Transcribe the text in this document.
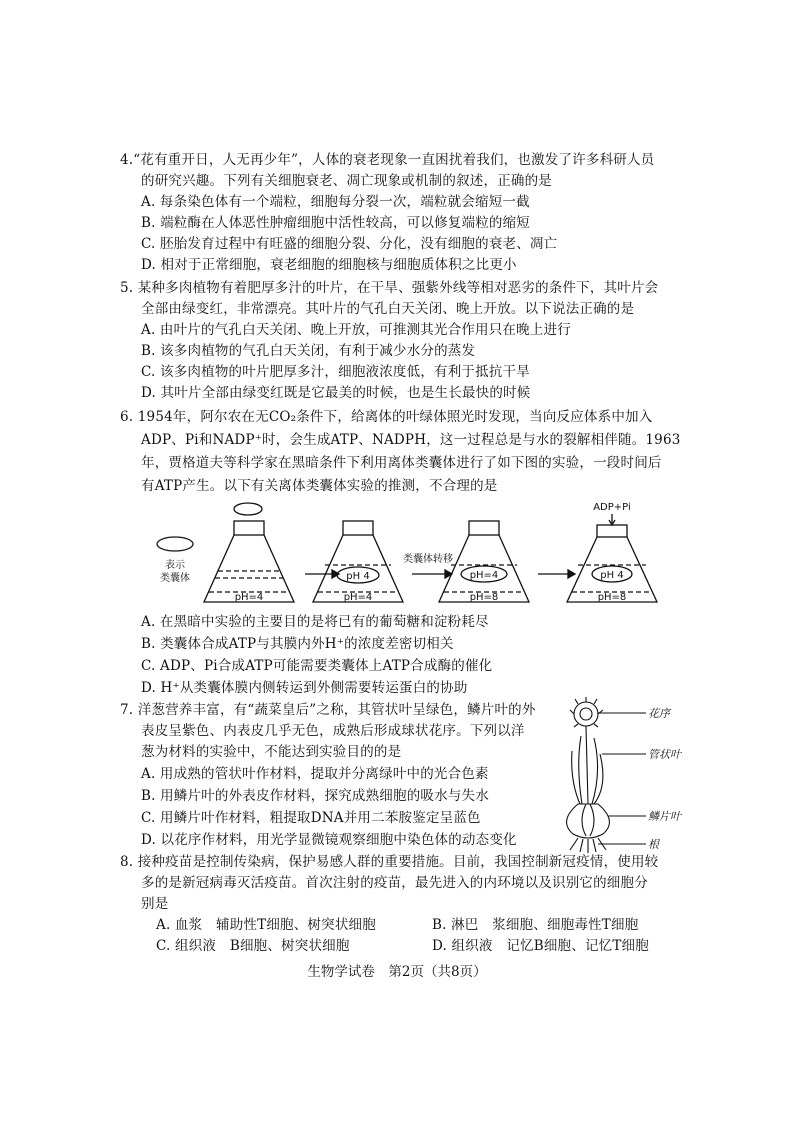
4.“花有重开日，人无再少年”，人体的衰老现象一直困扰着我们，也激发了许多科研人员
的研究兴趣。下列有关细胞衰老、凋亡现象或机制的叙述，正确的是
A. 每条染色体有一个端粒，细胞每分裂一次，端粒就会缩短一截
B. 端粒酶在人体恶性肿瘤细胞中活性较高，可以修复端粒的缩短
C. 胚胎发育过程中有旺盛的细胞分裂、分化，没有细胞的衰老、凋亡
D. 相对于正常细胞，衰老细胞的细胞核与细胞质体积之比更小
5. 某种多肉植物有着肥厚多汁的叶片，在干旱、强紫外线等相对恶劣的条件下，其叶片会
全部由绿变红，非常漂亮。其叶片的气孔白天关闭、晚上开放。以下说法正确的是
A. 由叶片的气孔白天关闭、晚上开放，可推测其光合作用只在晚上进行
B. 该多肉植物的气孔白天关闭，有利于减少水分的蒸发
C. 该多肉植物的叶片肥厚多汁，细胞液浓度低，有利于抵抗干旱
D. 其叶片全部由绿变红既是它最美的时候，也是生长最快的时候
6. 1954年，阿尔农在无CO₂条件下，给离体的叶绿体照光时发现，当向反应体系中加入
ADP、Pi和NADP⁺时，会生成ATP、NADPH，这一过程总是与水的裂解相伴随。1963
年，贾格道夫等科学家在黑暗条件下利用离体类囊体进行了如下图的实验，一段时间后
有ATP产生。以下有关离体类囊体实验的推测，不合理的是
表示
类囊体
pH=4
pH 4
pH=4
类囊体转移
pH=4
pH=8
ADP+Pi
pH 4
pH=8
A. 在黑暗中实验的主要目的是将已有的葡萄糖和淀粉耗尽
B. 类囊体合成ATP与其膜内外H⁺的浓度差密切相关
C. ADP、Pi合成ATP可能需要类囊体上ATP合成酶的催化
D. H⁺从类囊体膜内侧转运到外侧需要转运蛋白的协助
7. 洋葱营养丰富，有“蔬菜皇后”之称，其管状叶呈绿色，鳞片叶的外
表皮呈紫色、内表皮几乎无色，成熟后形成球状花序。下列以洋
葱为材料的实验中，不能达到实验目的的是
A. 用成熟的管状叶作材料，提取并分离绿叶中的光合色素
B. 用鳞片叶的外表皮作材料，探究成熟细胞的吸水与失水
C. 用鳞片叶作材料，粗提取DNA并用二苯胺鉴定呈蓝色
D. 以花序作材料，用光学显微镜观察细胞中染色体的动态变化
花序
管状叶
鳞片叶
根
8. 接种疫苗是控制传染病，保护易感人群的重要措施。目前，我国控制新冠疫情，使用较
多的是新冠病毒灭活疫苗。首次注射的疫苗，最先进入的内环境以及识别它的细胞分
别是
A. 血浆　辅助性T细胞、树突状细胞	B. 淋巴　浆细胞、细胞毒性T细胞
C. 组织液　B细胞、树突状细胞	D. 组织液　记忆B细胞、记忆T细胞
生物学试卷　第2页（共8页）
